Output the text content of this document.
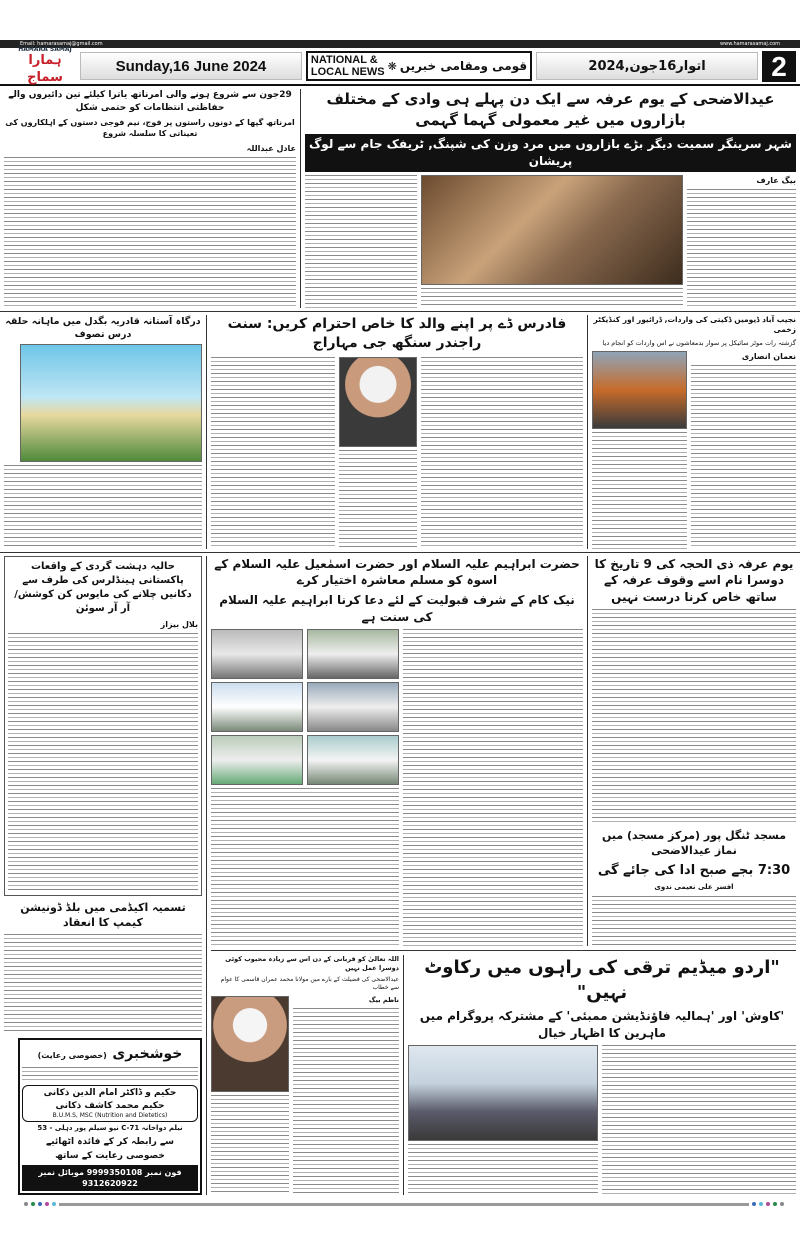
Email: hamarasamaj@gmail.com	www.hamarasamaj.com
HAMARA SAMAJ
ہمارا سماج
Sunday,16 June 2024	NATIONAL &
LOCAL NEWS ❋ قومی ومقامی خبریں	اتوار16جون,2024	2
29جون سے شروع ہونے والی امرناتھ یاترا کیلئے تین دائیروں والے حفاظتی انتظامات کو حتمی شکل
امرناتھ گپھا کے دونوں راستوں پر فوج، نیم فوجی دستوں کے اہلکاروں کی تعیناتی کا سلسلہ شروع
عادل عبداللہ
عیدالاضحی کے یوم عرفہ سے ایک دن پہلے ہی وادی کے مختلف بازاروں میں غیر معمولی گہما گہمی
شہر سرینگر سمیت دیگر بڑے بازاروں میں مرد وزن کی شپنگ, ٹریفک جام سے لوگ پریشان
بیگ عارف
درگاہ آستانہ قادریہ بگدل میں ماہانہ حلقہ درس تصوف
فادرس ڈے پر اپنے والد کا خاص احترام کریں: سنت راجندر سنگھ جی مہاراج
نجیب آباد ڈیومیں ڈکیتی کی واردات, ڈرائیور اور کنڈیکٹر زخمی
گزشتہ رات موٹر سائیکل پر سوار بدمعاشوں نے اس واردات کو انجام دیا
نعمان انصاری
حالیہ دہشت گردی کے واقعات پاکستانی ہینڈلرس کی طرف سے دکانیں چلانے کی مایوس کن کوشش/ آر آر سوئن
بلال بیزاز
تسمیہ اکیڈمی میں بلڈ ڈونیشن کیمپ کا انعقاد
خوشخبری (خصوصی رعایت)
حکیم و ڈاکٹر امام الدین ذکانی
حکیم محمد کاشف ذکانی
B.U.M.S, MSC (Nutrition and Dietetics)
نیلم دواخانہ C-71 نیو سیلم پور دہلی - 53
سے رابطہ کر کے فائدہ اٹھائیے
خصوصی رعایت کے ساتھ
فون نمبر 9999350108 موبائل نمبر 9312620922
حضرت ابراہیم علیہ السلام اور حضرت اسمٰعیل علیہ السلام کے اسوہ کو مسلم معاشرہ اختیار کرے
نیک کام کے شرف قبولیت کے لئے دعا کرنا ابراہیم علیہ السلام کی سنت ہے
یوم عرفہ ذی الحجہ کی 9 تاریخ کا دوسرا نام اسے وقوف عرفہ کے ساتھ خاص کرنا درست نہیں
مسجد ٹنگل پور (مرکز مسجد) میں نماز عیدالاضحی
7:30 بجے صبح ادا کی جائے گی
افسر علی نعیمی ندوی
اللہ تعالیٰ کو قربانی کے دن اس سے زیادہ محبوب کوئی دوسرا عمل نہیں
عیدالاضحی کی فضیلت کے بارے میں مولانا محمد عمران قاسمی کا عوام سے خطاب
ناظم بیگ
"اردو میڈیم ترقی کی راہوں میں رکاوٹ نہیں"
'کاوش' اور 'ہمالیہ فاؤنڈیشن ممبئی' کے مشترکہ پروگرام میں ماہرین کا اظہار خیال
